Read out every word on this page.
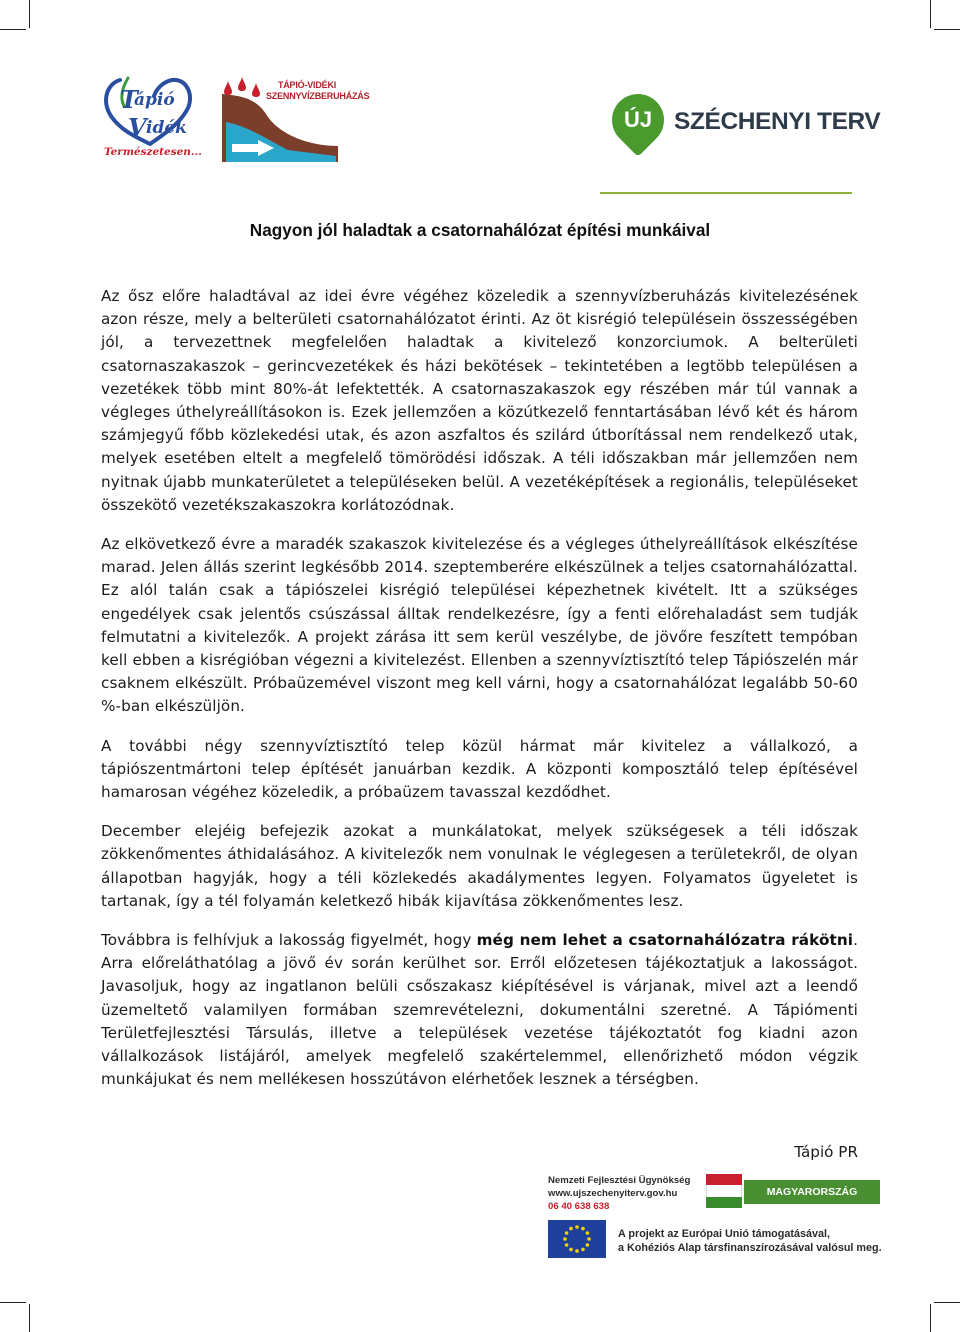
T
V
ápió
idék
Természetesen...
TÁPIÓ-VIDÉKI
SZENNYVÍZBERUHÁZÁS
ÚJ SZÉCHENYI TERV
Nagyon jól haladtak a csatornahálózat építési munkáival

Az ősz előre haladtával az idei évre végéhez közeledik a szennyvízberuházás kivitelezésének azon része, mely a belterületi csatornahálózatot érinti. Az öt kisrégió településein összességében jól, a tervezettnek megfelelően haladtak a kivitelező konzorciumok. A belterületi csatornaszakaszok – gerincvezetékek és házi bekötések – tekintetében a legtöbb településen a vezetékek több mint 80%-át lefektették. A csatornaszakaszok egy részében már túl vannak a végleges úthelyreállításokon is. Ezek jellemzően a közútkezelő fenntartásában lévő két és három számjegyű főbb közlekedési utak, és azon aszfaltos és szilárd útborítással nem rendelkező utak, melyek esetében eltelt a megfelelő tömörödési időszak. A téli időszakban már jellemzően nem nyitnak újabb munkaterületet a településeken belül. A vezetéképítések a regionális, településeket összekötő vezetékszakaszokra korlátozódnak.

Az elkövetkező évre a maradék szakaszok kivitelezése és a végleges úthelyreállítások elkészítése marad. Jelen állás szerint legkésőbb 2014. szeptemberére elkészülnek a teljes csatornahálózattal. Ez alól talán csak a tápiószelei kisrégió települései képezhetnek kivételt. Itt a szükséges engedélyek csak jelentős csúszással álltak rendelkezésre, így a fenti előrehaladást sem tudják felmutatni a kivitelezők. A projekt zárása itt sem kerül veszélybe, de jövőre feszített tempóban kell ebben a kisrégióban végezni a kivitelezést. Ellenben a szennyvíztisztító telep Tápiószelén már csaknem elkészült. Próbaüzemével viszont meg kell várni, hogy a csatornahálózat legalább 50-60 %-ban elkészüljön.

A további négy szennyvíztisztító telep közül hármat már kivitelez a vállalkozó, a tápiószentmártoni telep építését januárban kezdik. A központi komposztáló telep építésével hamarosan végéhez közeledik, a próbaüzem tavasszal kezdődhet.

December elejéig befejezik azokat a munkálatokat, melyek szükségesek a téli időszak zökkenőmentes áthidalásához. A kivitelezők nem vonulnak le véglegesen a területekről, de olyan állapotban hagyják, hogy a téli közlekedés akadálymentes legyen. Folyamatos ügyeletet is tartanak, így a tél folyamán keletkező hibák kijavítása zökkenőmentes lesz.

Továbbra is felhívjuk a lakosság figyelmét, hogy még nem lehet a csatornahálózatra rákötni. Arra előreláthatólag a jövő év során kerülhet sor. Erről előzetesen tájékoztatjuk a lakosságot. Javasoljuk, hogy az ingatlanon belüli csőszakasz kiépítésével is várjanak, mivel azt a leendő üzemeltető valamilyen formában szemrevételezni, dokumentálni szeretné. A Tápiómenti Területfejlesztési Társulás, illetve a települések vezetése tájékoztatót fog kiadni azon vállalkozások listájáról, amelyek megfelelő szakértelemmel, ellenőrizhető módon végzik munkájukat és nem mellékesen hosszútávon elérhetőek lesznek a térségben.

Tápió PR
Nemzeti Fejlesztési Ügynökség
www.ujszechenyiterv.gov.hu
06 40 638 638
MAGYARORSZÁG MEGÚJUL
A projekt az Európai Unió támogatásával,
a Kohéziós Alap társfinanszírozásával valósul meg.
